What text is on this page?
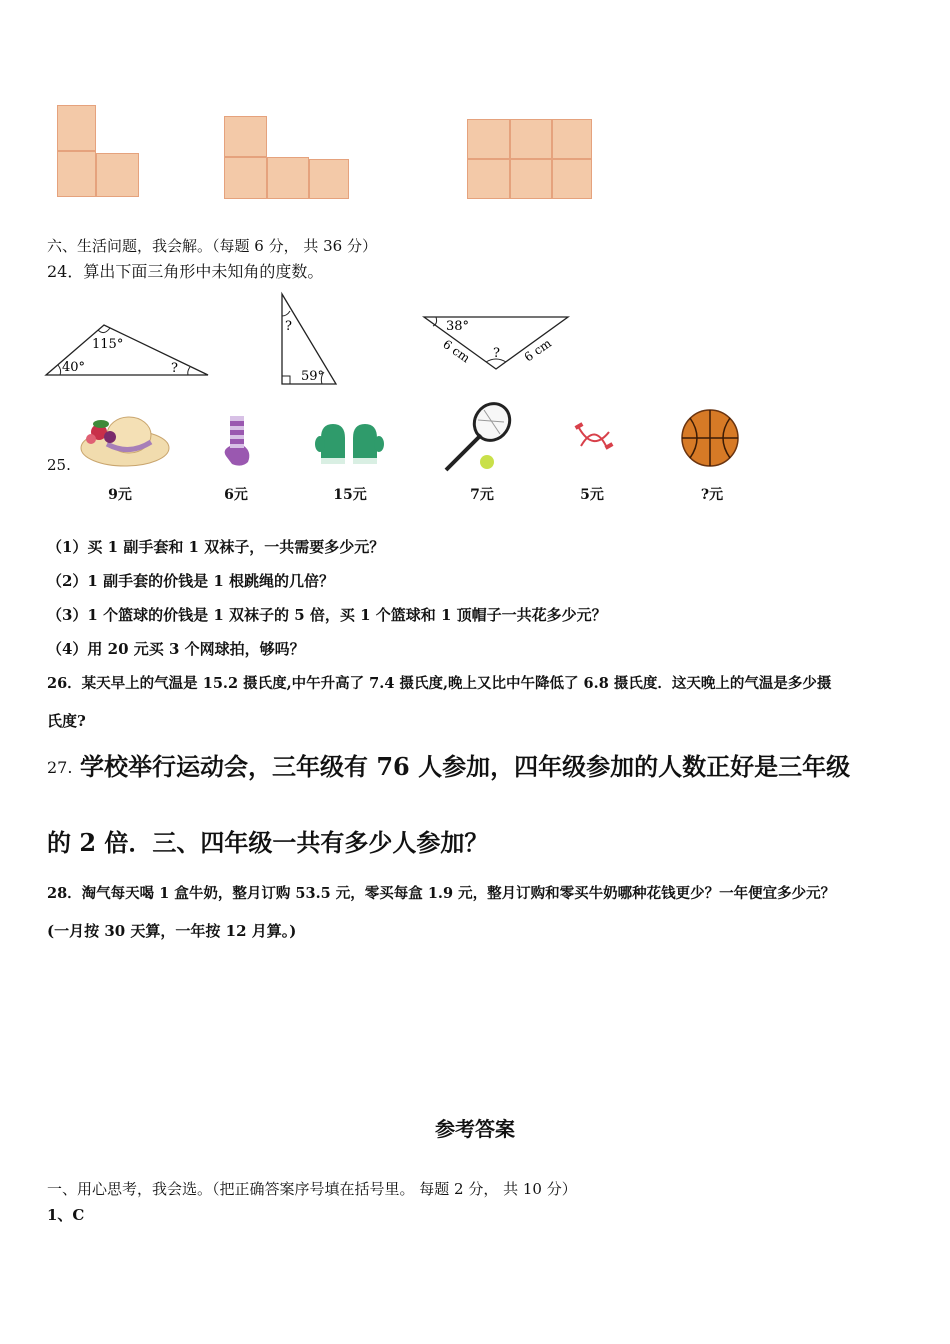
六、生活问题，我会解。（每题 6 分， 共 36 分）
24．算出下面三角形中未知角的度数。
115°
40°	?
?
59°
38°
6 cm	6 cm
?
25.
9元	6元	15元	7元	5元	?元
（1）买 1 副手套和 1 双袜子，一共需要多少元？
（2）1 副手套的价钱是 1 根跳绳的几倍？
（3）1 个篮球的价钱是 1 双袜子的 5 倍，买 1 个篮球和 1 顶帽子一共花多少元？
（4）用 20 元买 3 个网球拍，够吗？
26．某天早上的气温是 15.2 摄氏度,中午升高了 7.4 摄氏度,晚上又比中午降低了 6.8 摄氏度．这天晚上的气温是多少摄
氏度?
27. 学校举行运动会，三年级有 76 人参加，四年级参加的人数正好是三年级
的 2 倍．三、四年级一共有多少人参加？
28．淘气每天喝 1 盒牛奶，整月订购 53.5 元，零买每盒 1.9 元，整月订购和零买牛奶哪种花钱更少？一年便宜多少元？
(一月按 30 天算，一年按 12 月算。)
参考答案
一、用心思考，我会选。（把正确答案序号填在括号里。 每题 2 分， 共 10 分）
1、C
